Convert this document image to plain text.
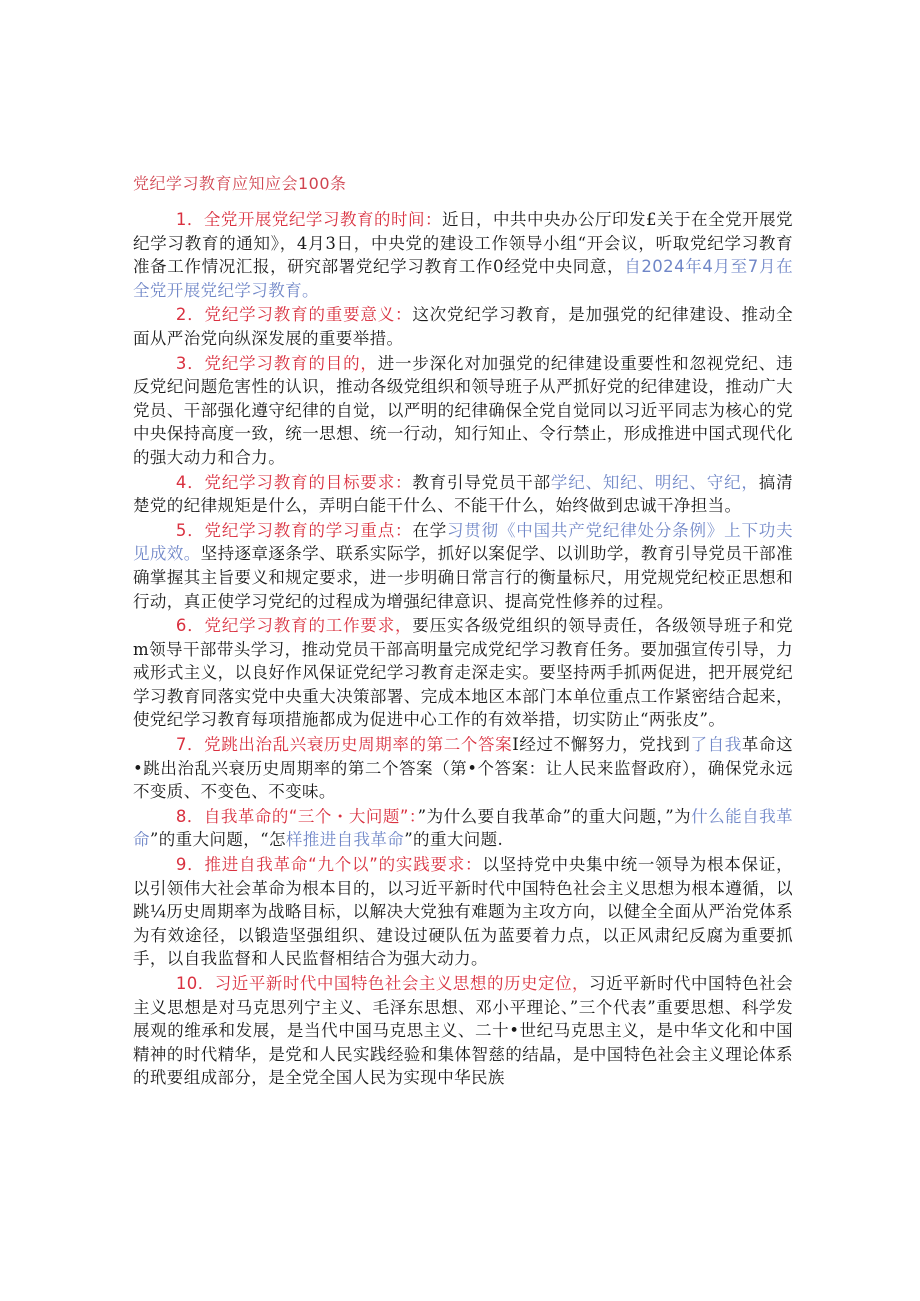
党纪学习教育应知应会100条

1．全党开展党纪学习教育的时间：近日，中共中央办公厅印发£关于在全党开展党纪学习教育的通知》，4月3日，中央党的建设工作领导小组“开会议，听取党纪学习教育准备工作情况汇报，研究部署党纪学习教育工作0经党中央同意，自2024年4月至7月在全党开展党纪学习教育。

2．党纪学习教育的重要意义：这次党纪学习教育，是加强党的纪律建设、推动全面从严治党向纵深发展的重要举措。

3．党纪学习教育的目的，进一步深化对加强党的纪律建设重要性和忽视党纪、违反党纪问题危害性的认识，推动各级党组织和领导班子从严抓好党的纪律建设，推动广大党员、干部强化遵守纪律的自觉，以严明的纪律确保全党自觉同以习近平同志为核心的党中央保持高度一致，统一思想、统一行动，知行知止、令行禁止，形成推进中国式现代化的强大动力和合力。

4．党纪学习教育的目标要求：教育引导党员干部学纪、知纪、明纪、守纪，搞清楚党的纪律规矩是什么，弄明白能干什么、不能干什么，始终做到忠诚干净担当。

5．党纪学习教育的学习重点：在学习贯彻《中国共产党纪律处分条例》上下功夫见成效。坚持逐章逐条学、联系实际学，抓好以案促学、以训助学，教育引导党员干部准确掌握其主旨要义和规定要求，进一步明确日常言行的衡量标尺，用党规党纪校正思想和行动，真正使学习党纪的过程成为增强纪律意识、提高党性修养的过程。

6．党纪学习教育的工作要求，要压实各级党组织的领导责任，各级领导班子和党m领导干部带头学习，推动党员干部高明量完成党纪学习教育任务。要加强宣传引导，力戒形式主义，以良好作风保证党纪学习教育走深走实。要坚持两手抓两促进，把开展党纪学习教育同落实党中央重大决策部署、完成本地区本部门本单位重点工作紧密结合起来，使党纪学习教育每项措施都成为促进中心工作的有效举措，切实防止“两张皮”。

7．党跳出治乱兴衰历史周期率的第二个答案I经过不懈努力，党找到了自我革命这•跳出治乱兴衰历史周期率的第二个答案（第•个答案：让人民来监督政府），确保党永远不变质、不变色、不变味。

8．自我革命的“三个・大问题”：”为什么要自我革命”的重大问题，”为什么能自我革命”的重大问题，“怎样推进自我革命”的重大问题.

9．推进自我革命“九个以”的实践要求：以坚持党中央集中统一领导为根本保证，以引领伟大社会革命为根本目的，以习近平新时代中国特色社会主义思想为根本遵循，以跳¼历史周期率为战略目标，以解决大党独有难题为主攻方向，以健全全面从严治党体系为有效途径，以锻造坚强组织、建设过硬队伍为蓝要着力点，以正风肃纪反腐为重要抓手，以自我监督和人民监督相结合为强大动力。

10．习近平新时代中国特色社会主义思想的历史定位，习近平新时代中国特色社会主义思想是对马克思列宁主义、毛泽东思想、邓小平理论、”三个代表”重要思想、科学发展观的维承和发展，是当代中国马克思主义、二十•世纪马克思主义，是中华文化和中国精神的时代精华，是党和人民实践经验和集体智慈的结晶，是中国特色社会主义理论体系的玳要组成部分，是全党全国人民为实现中华民族
